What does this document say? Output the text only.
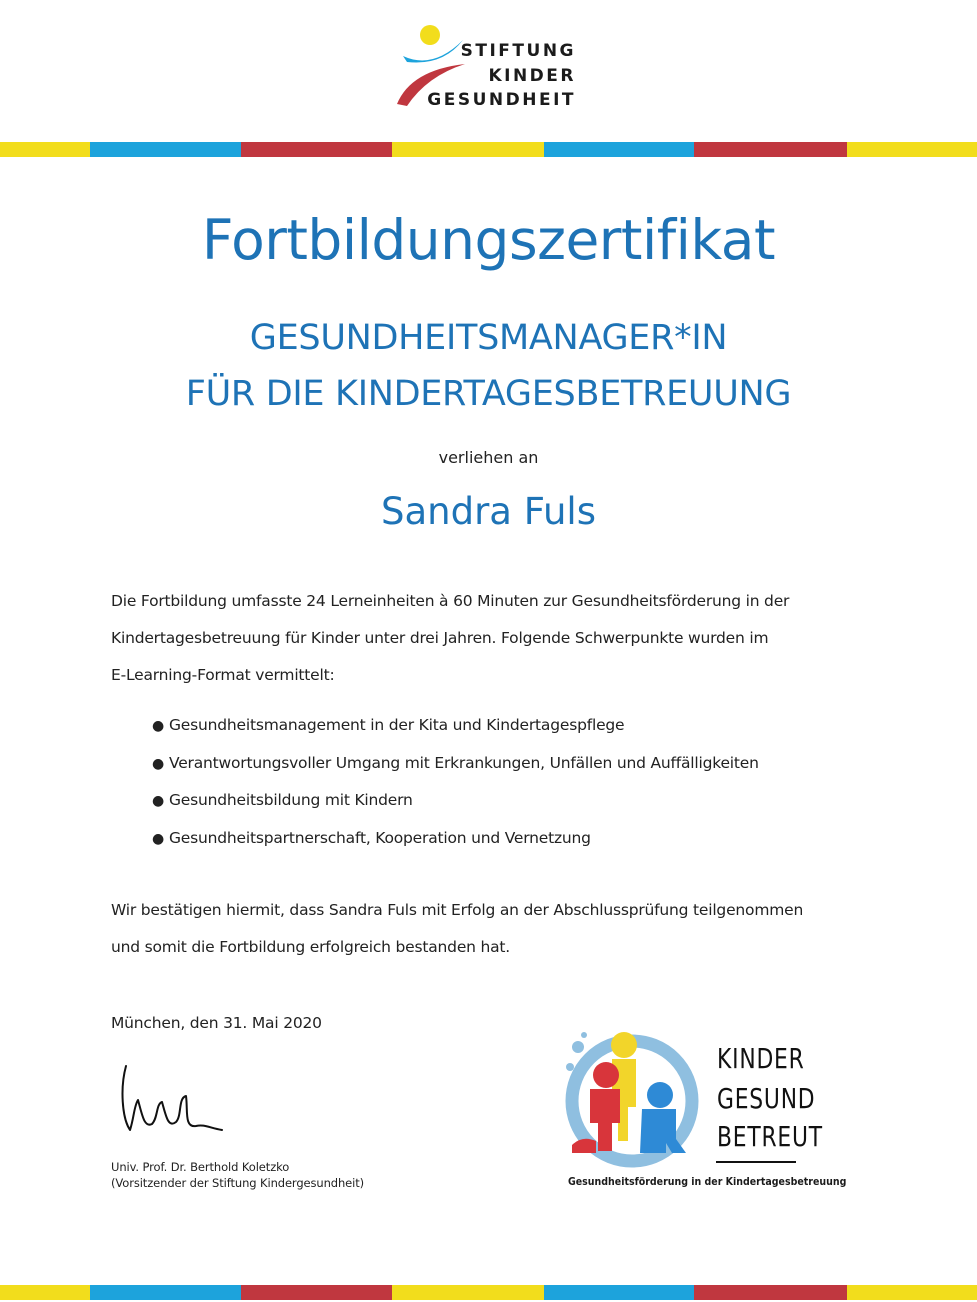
STIFTUNG
KINDER
GESUNDHEIT
Fortbildungszertifikat
GESUNDHEITSMANAGER*IN
FÜR DIE KINDERTAGESBETREUUNG
verliehen an
Sandra Fuls
Die Fortbildung umfasste 24 Lerneinheiten à 60 Minuten zur Gesundheitsförderung in der
Kindertagesbetreuung für Kinder unter drei Jahren. Folgende Schwerpunkte wurden im
E-Learning-Format vermittelt:
● Gesundheitsmanagement in der Kita und Kindertagespflege
● Verantwortungsvoller Umgang mit Erkrankungen, Unfällen und Auffälligkeiten
● Gesundheitsbildung mit Kindern
● Gesundheitspartnerschaft, Kooperation und Vernetzung
Wir bestätigen hiermit, dass Sandra Fuls mit Erfolg an der Abschlussprüfung teilgenommen
und somit die Fortbildung erfolgreich bestanden hat.
München, den 31. Mai 2020
Univ. Prof. Dr. Berthold Koletzko
(Vorsitzender der Stiftung Kindergesundheit)
KINDER
GESUND
BETREUT
Gesundheitsförderung in der Kindertagesbetreuung
